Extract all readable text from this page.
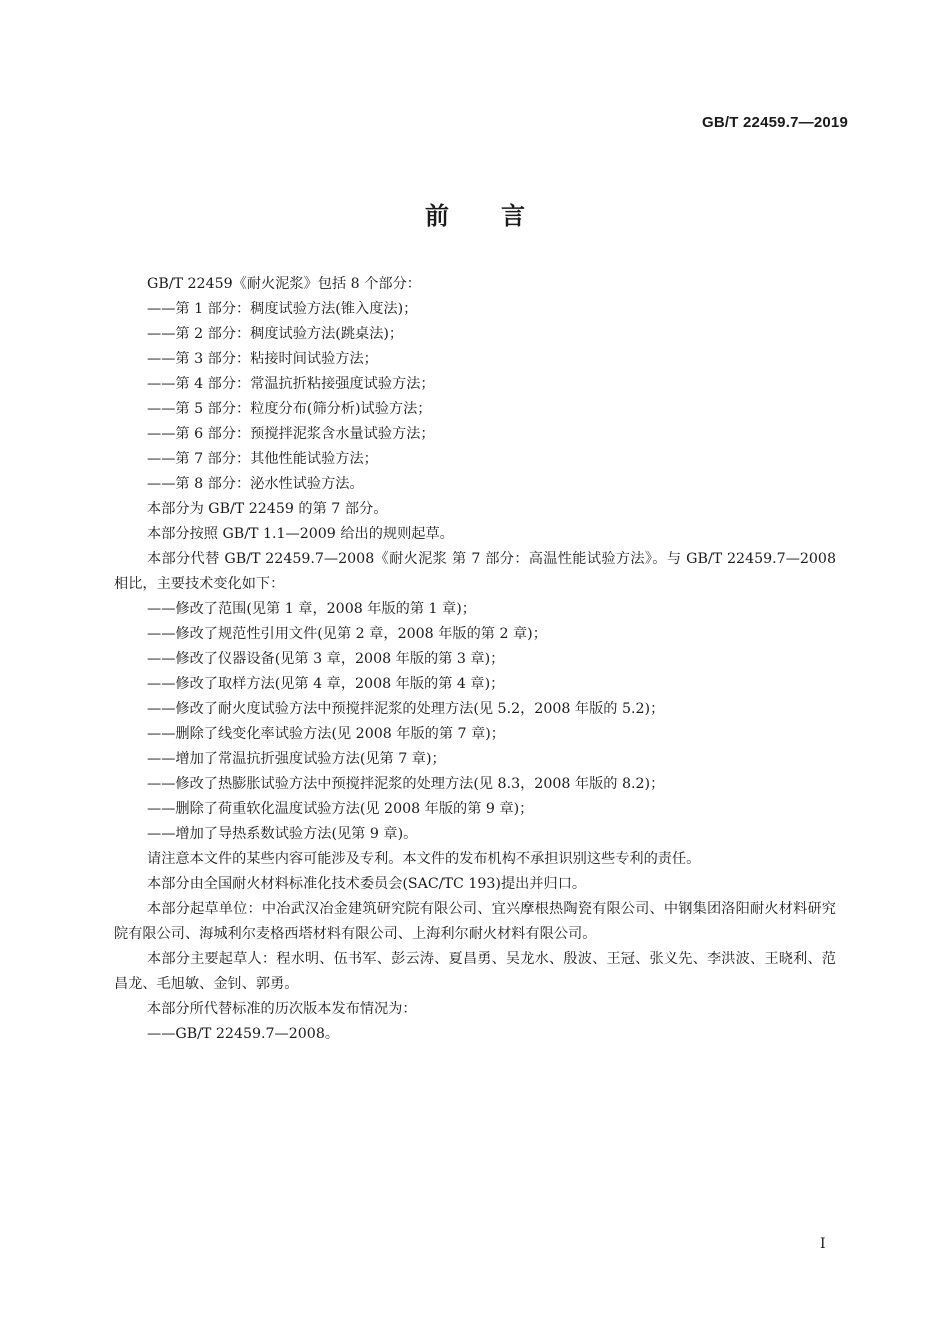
GB/T 22459.7—2019
前言

GB/T 22459《耐火泥浆》包括 8 个部分：

——第 1 部分：稠度试验方法(锥入度法)；

——第 2 部分：稠度试验方法(跳桌法)；

——第 3 部分：粘接时间试验方法；

——第 4 部分：常温抗折粘接强度试验方法；

——第 5 部分：粒度分布(筛分析)试验方法；

——第 6 部分：预搅拌泥浆含水量试验方法；

——第 7 部分：其他性能试验方法；

——第 8 部分：泌水性试验方法。

本部分为 GB/T 22459 的第 7 部分。

本部分按照 GB/T 1.1—2009 给出的规则起草。

本部分代替 GB/T 22459.7—2008《耐火泥浆 第 7 部分：高温性能试验方法》。与 GB/T 22459.7—2008 相比，主要技术变化如下：

——修改了范围(见第 1 章，2008 年版的第 1 章)；

——修改了规范性引用文件(见第 2 章，2008 年版的第 2 章)；

——修改了仪器设备(见第 3 章，2008 年版的第 3 章)；

——修改了取样方法(见第 4 章，2008 年版的第 4 章)；

——修改了耐火度试验方法中预搅拌泥浆的处理方法(见 5.2，2008 年版的 5.2)；

——删除了线变化率试验方法(见 2008 年版的第 7 章)；

——增加了常温抗折强度试验方法(见第 7 章)；

——修改了热膨胀试验方法中预搅拌泥浆的处理方法(见 8.3，2008 年版的 8.2)；

——删除了荷重软化温度试验方法(见 2008 年版的第 9 章)；

——增加了导热系数试验方法(见第 9 章)。

请注意本文件的某些内容可能涉及专利。本文件的发布机构不承担识别这些专利的责任。

本部分由全国耐火材料标准化技术委员会(SAC/TC 193)提出并归口。

本部分起草单位：中冶武汉冶金建筑研究院有限公司、宜兴摩根热陶瓷有限公司、中钢集团洛阳耐火材料研究院有限公司、海城利尔麦格西塔材料有限公司、上海利尔耐火材料有限公司。

本部分主要起草人：程水明、伍书军、彭云涛、夏昌勇、吴龙水、殷波、王冠、张义先、李洪波、王晓利、范昌龙、毛旭敏、金钊、郭勇。

本部分所代替标准的历次版本发布情况为：

——GB/T 22459.7—2008。

I
